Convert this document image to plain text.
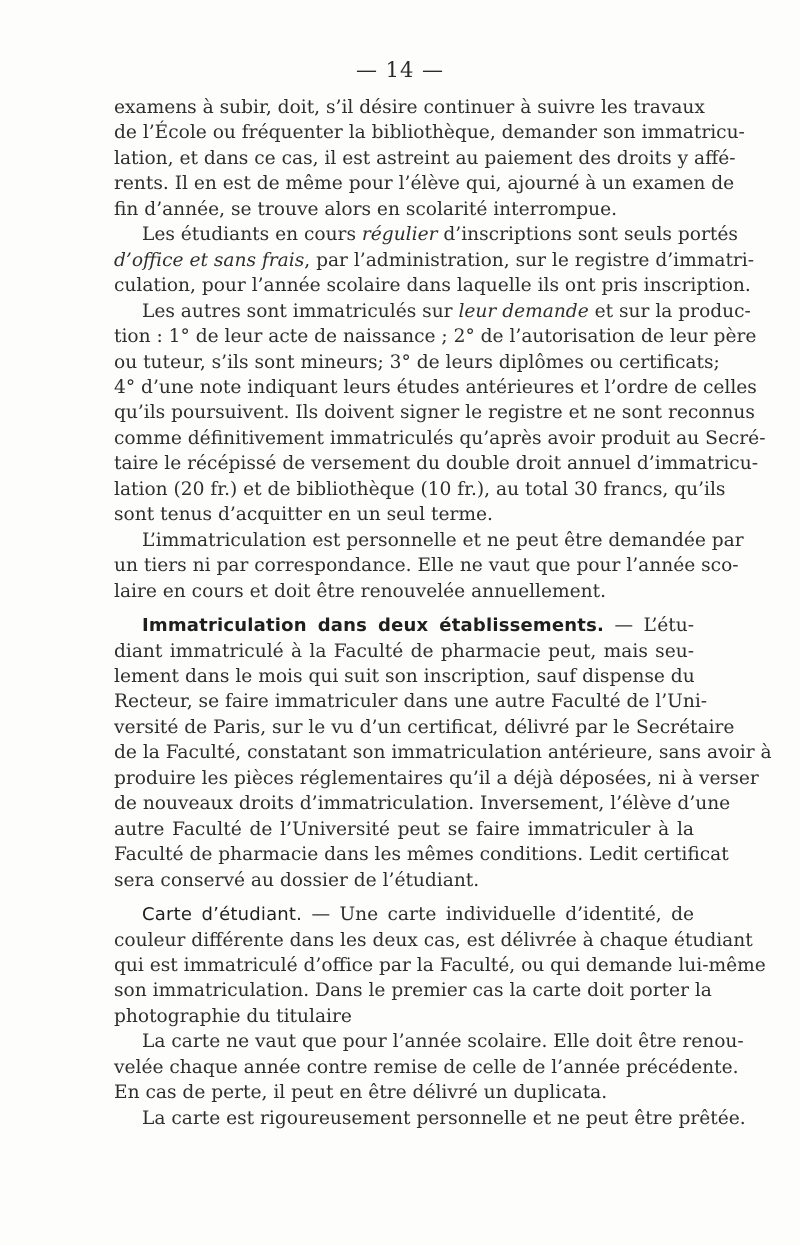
— 14 —
examens à subir, doit, s’il désire continuer à suivre les travaux
de l’École ou fréquenter la bibliothèque, demander son immatricu-
lation, et dans ce cas, il est astreint au paiement des droits y affé-
rents. Il en est de même pour l’élève qui, ajourné à un examen de
fin d’année, se trouve alors en scolarité interrompue.
Les étudiants en cours régulier d’inscriptions sont seuls portés
d’office et sans frais, par l’administration, sur le registre d’immatri-
culation, pour l’année scolaire dans laquelle ils ont pris inscription.
Les autres sont immatriculés sur leur demande et sur la produc-
tion : 1° de leur acte de naissance ; 2° de l’autorisation de leur père
ou tuteur, s’ils sont mineurs; 3° de leurs diplômes ou certificats;
4° d’une note indiquant leurs études antérieures et l’ordre de celles
qu’ils poursuivent. Ils doivent signer le registre et ne sont reconnus
comme définitivement immatriculés qu’après avoir produit au Secré-
taire le récépissé de versement du double droit annuel d’immatricu-
lation (20 fr.) et de bibliothèque (10 fr.), au total 30 francs, qu’ils
sont tenus d’acquitter en un seul terme.
L’immatriculation est personnelle et ne peut être demandée par
un tiers ni par correspondance. Elle ne vaut que pour l’année sco-
laire en cours et doit être renouvelée annuellement.
Immatriculation dans deux établissements. — L’étu-
diant immatriculé à la Faculté de pharmacie peut, mais seu-
lement dans le mois qui suit son inscription, sauf dispense du
Recteur, se faire immatriculer dans une autre Faculté de l’Uni-
versité de Paris, sur le vu d’un certificat, délivré par le Secrétaire
de la Faculté, constatant son immatriculation antérieure, sans avoir à
produire les pièces réglementaires qu’il a déjà déposées, ni à verser
de nouveaux droits d’immatriculation. Inversement, l’élève d’une
autre Faculté de l’Université peut se faire immatriculer à la
Faculté de pharmacie dans les mêmes conditions. Ledit certificat
sera conservé au dossier de l’étudiant.
Carte d’étudiant. — Une carte individuelle d’identité, de
couleur différente dans les deux cas, est délivrée à chaque étudiant
qui est immatriculé d’office par la Faculté, ou qui demande lui-même
son immatriculation. Dans le premier cas la carte doit porter la
photographie du titulaire
La carte ne vaut que pour l’année scolaire. Elle doit être renou-
velée chaque année contre remise de celle de l’année précédente.
En cas de perte, il peut en être délivré un duplicata.
La carte est rigoureusement personnelle et ne peut être prêtée.
